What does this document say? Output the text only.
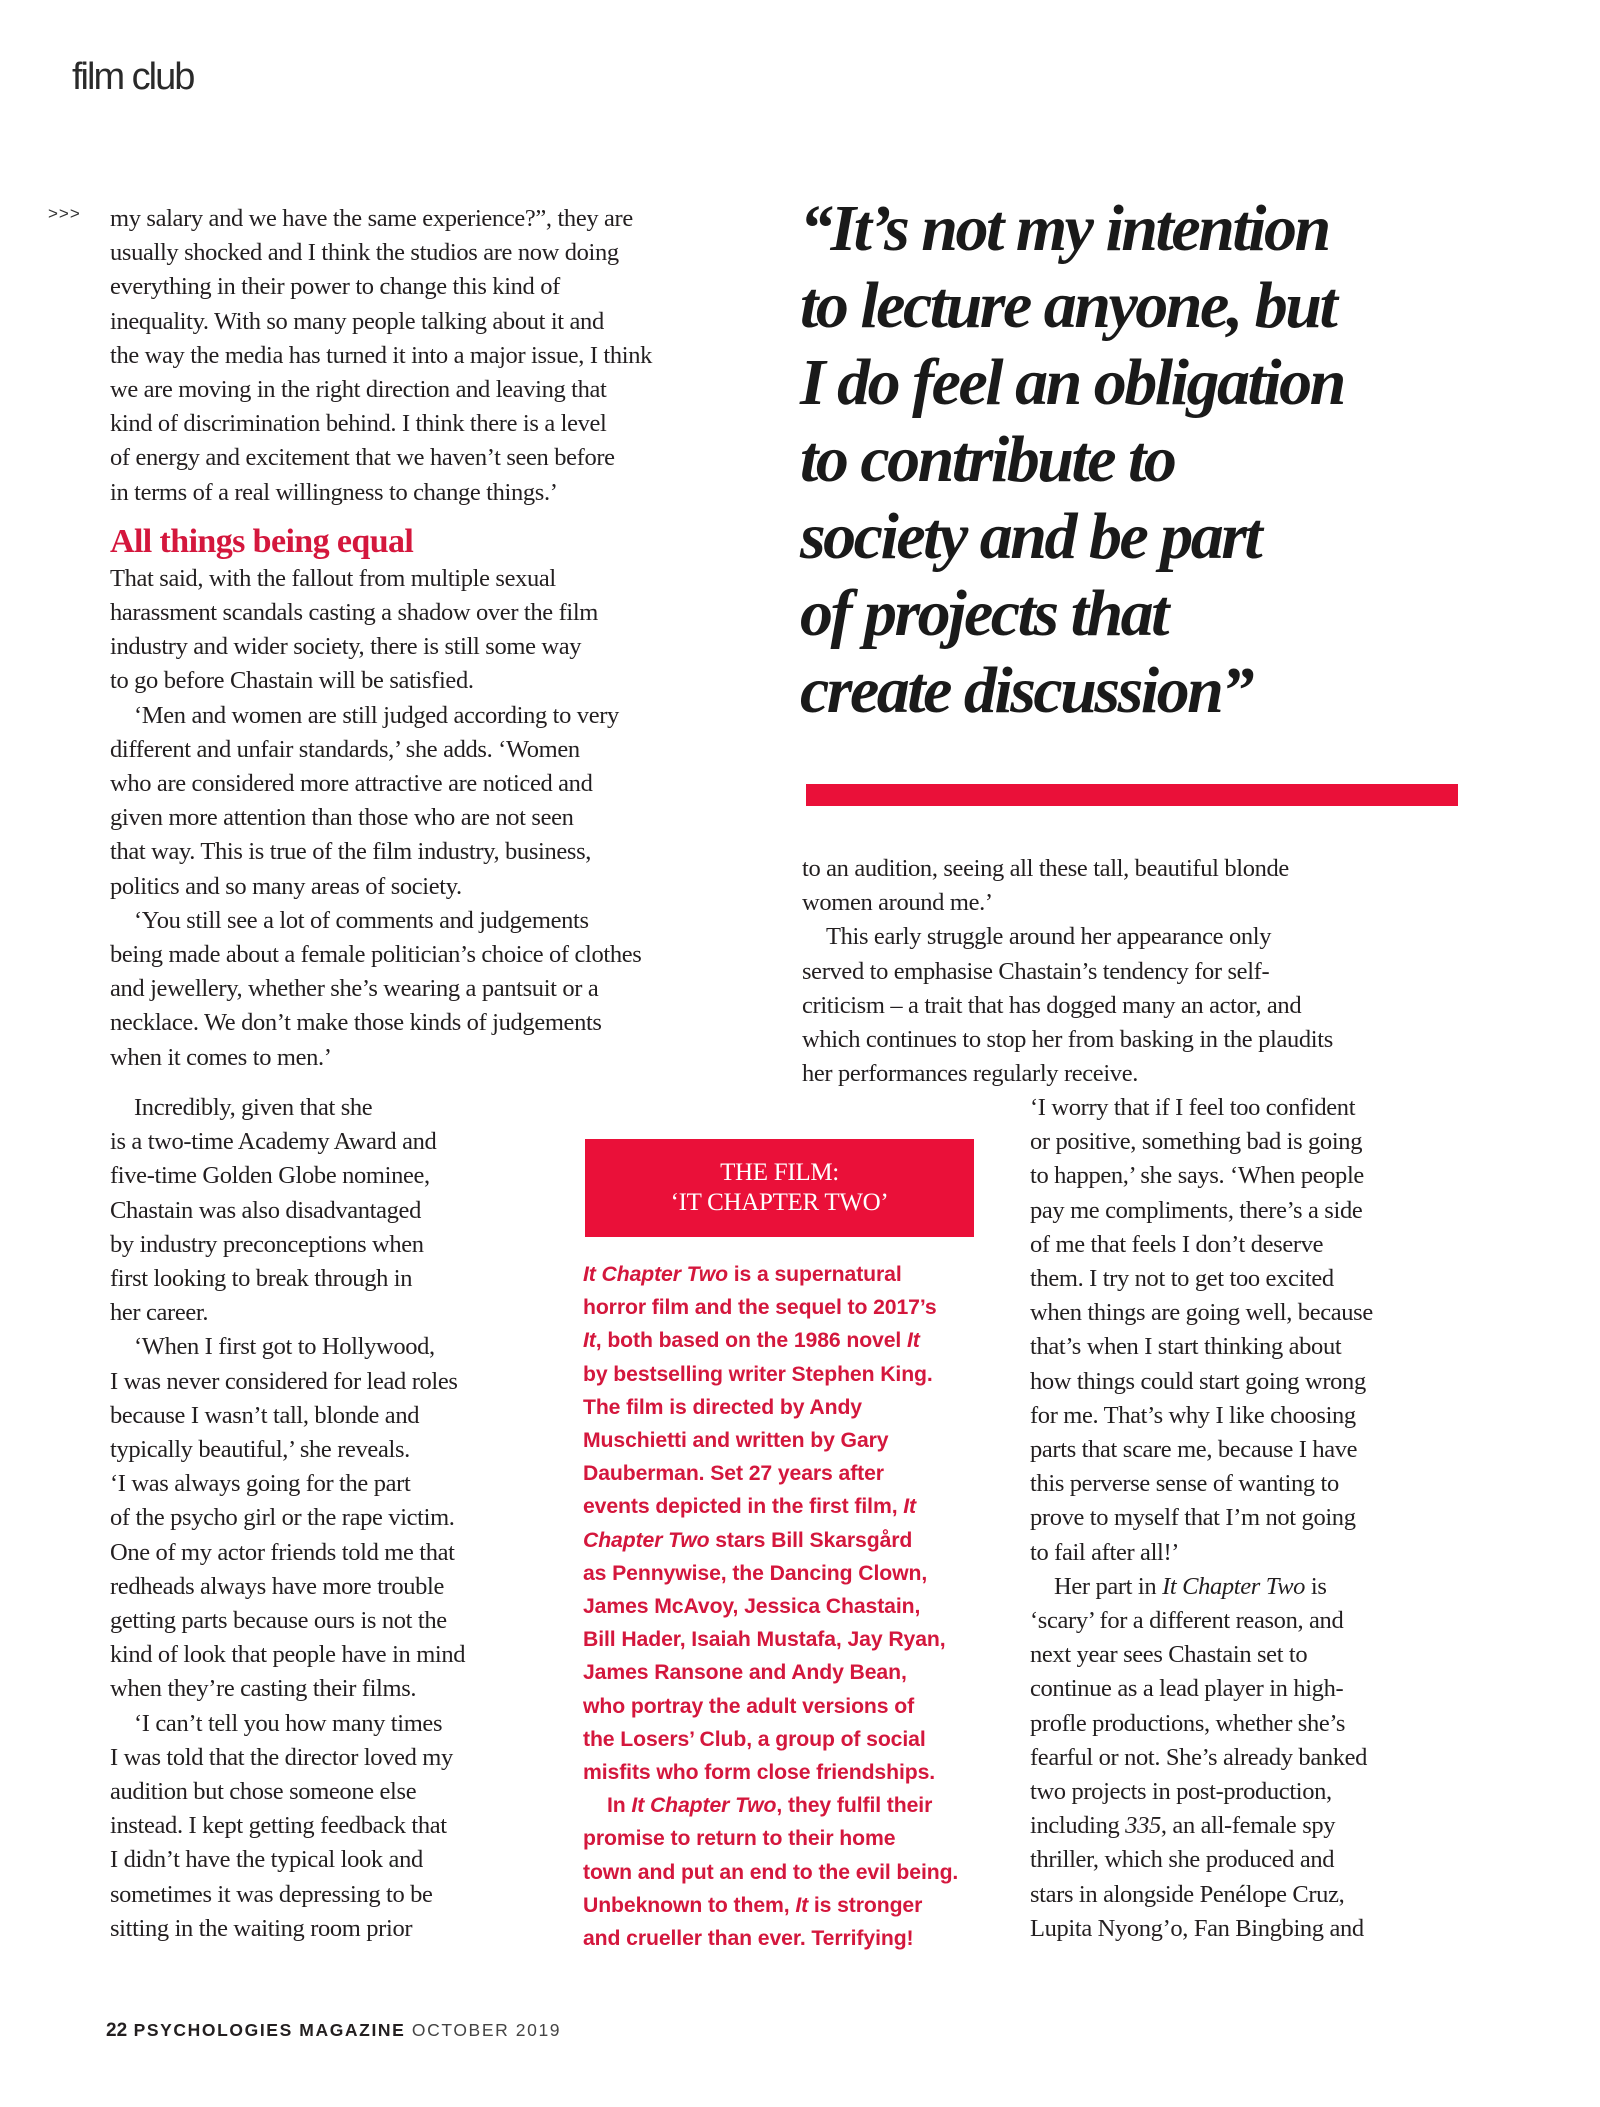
film club
>>> my salary and we have the same experience?”, they are
usually shocked and I think the studios are now doing
everything in their power to change this kind of
inequality. With so many people talking about it and
the way the media has turned it into a major issue, I think
we are moving in the right direction and leaving that
kind of discrimination behind. I think there is a level
of energy and excitement that we haven’t seen before
in terms of a real willingness to change things.’
All things being equal
That said, with the fallout from multiple sexual
harassment scandals casting a shadow over the film
industry and wider society, there is still some way
to go before Chastain will be satisfied.
‘Men and women are still judged according to very
different and unfair standards,’ she adds. ‘Women
who are considered more attractive are noticed and
given more attention than those who are not seen
that way. This is true of the film industry, business,
politics and so many areas of society.
‘You still see a lot of comments and judgements
being made about a female politician’s choice of clothes
and jewellery, whether she’s wearing a pantsuit or a
necklace. We don’t make those kinds of judgements
when it comes to men.’
Incredibly, given that she
is a two-time Academy Award and
five-time Golden Globe nominee,
Chastain was also disadvantaged
by industry preconceptions when
first looking to break through in
her career.
‘When I first got to Hollywood,
I was never considered for lead roles
because I wasn’t tall, blonde and
typically beautiful,’ she reveals.
‘I was always going for the part
of the psycho girl or the rape victim.
One of my actor friends told me that
redheads always have more trouble
getting parts because ours is not the
kind of look that people have in mind
when they’re casting their films.
‘I can’t tell you how many times
I was told that the director loved my
audition but chose someone else
instead. I kept getting feedback that
I didn’t have the typical look and
sometimes it was depressing to be
sitting in the waiting room prior
“It’s not my intention
to lecture anyone, but
I do feel an obligation
to contribute to
society and be part
of projects that
create discussion”
to an audition, seeing all these tall, beautiful blonde
women around me.’
This early struggle around her appearance only
served to emphasise Chastain’s tendency for self-
criticism – a trait that has dogged many an actor, and
which continues to stop her from basking in the plaudits
her performances regularly receive.
‘I worry that if I feel too confident
or positive, something bad is going
to happen,’ she says. ‘When people
pay me compliments, there’s a side
of me that feels I don’t deserve
them. I try not to get too excited
when things are going well, because
that’s when I start thinking about
how things could start going wrong
for me. That’s why I like choosing
parts that scare me, because I have
this perverse sense of wanting to
prove to myself that I’m not going
to fail after all!’
Her part in It Chapter Two is
‘scary’ for a different reason, and
next year sees Chastain set to
continue as a lead player in high-
profle productions, whether she’s
fearful or not. She’s already banked
two projects in post-production,
including 335, an all-female spy
thriller, which she produced and
stars in alongside Penélope Cruz,
Lupita Nyong’o, Fan Bingbing and
THE FILM:
‘IT CHAPTER TWO’
It Chapter Two is a supernatural
horror film and the sequel to 2017’s
It, both based on the 1986 novel It
by bestselling writer Stephen King.
The film is directed by Andy
Muschietti and written by Gary
Dauberman. Set 27 years after
events depicted in the first film, It
Chapter Two stars Bill Skarsgård
as Pennywise, the Dancing Clown,
James McAvoy, Jessica Chastain,
Bill Hader, Isaiah Mustafa, Jay Ryan,
James Ransone and Andy Bean,
who portray the adult versions of
the Losers’ Club, a group of social
misfits who form close friendships.
In It Chapter Two, they fulfil their
promise to return to their home
town and put an end to the evil being.
Unbeknown to them, It is stronger
and crueller than ever. Terrifying!
22 PSYCHOLOGIES MAGAZINE OCTOBER 2019
